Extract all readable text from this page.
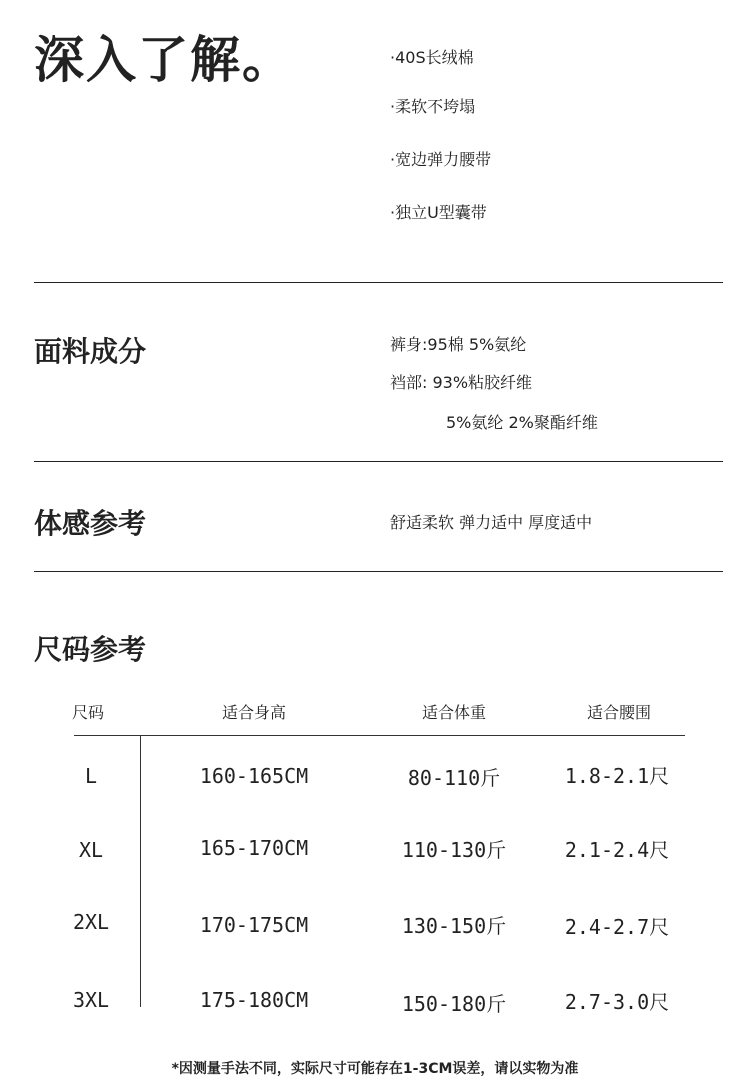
深入了解。	·40S长绒棉
·柔软不垮塌
·宽边弹力腰带
·独立U型囊带
面料成分	裤身:95棉 5%氨纶
裆部: 93%粘胶纤维
5%氨纶 2%聚酯纤维
体感参考	舒适柔软 弹力适中 厚度适中
尺码参考
尺码	适合身高	适合体重	适合腰围
L	160-165CM	80-110斤	1.8-2.1尺
XL	165-170CM	110-130斤	2.1-2.4尺
2XL	170-175CM	130-150斤	2.4-2.7尺
3XL	175-180CM	150-180斤	2.7-3.0尺
*因测量手法不同，实际尺寸可能存在1-3CM误差，请以实物为准
